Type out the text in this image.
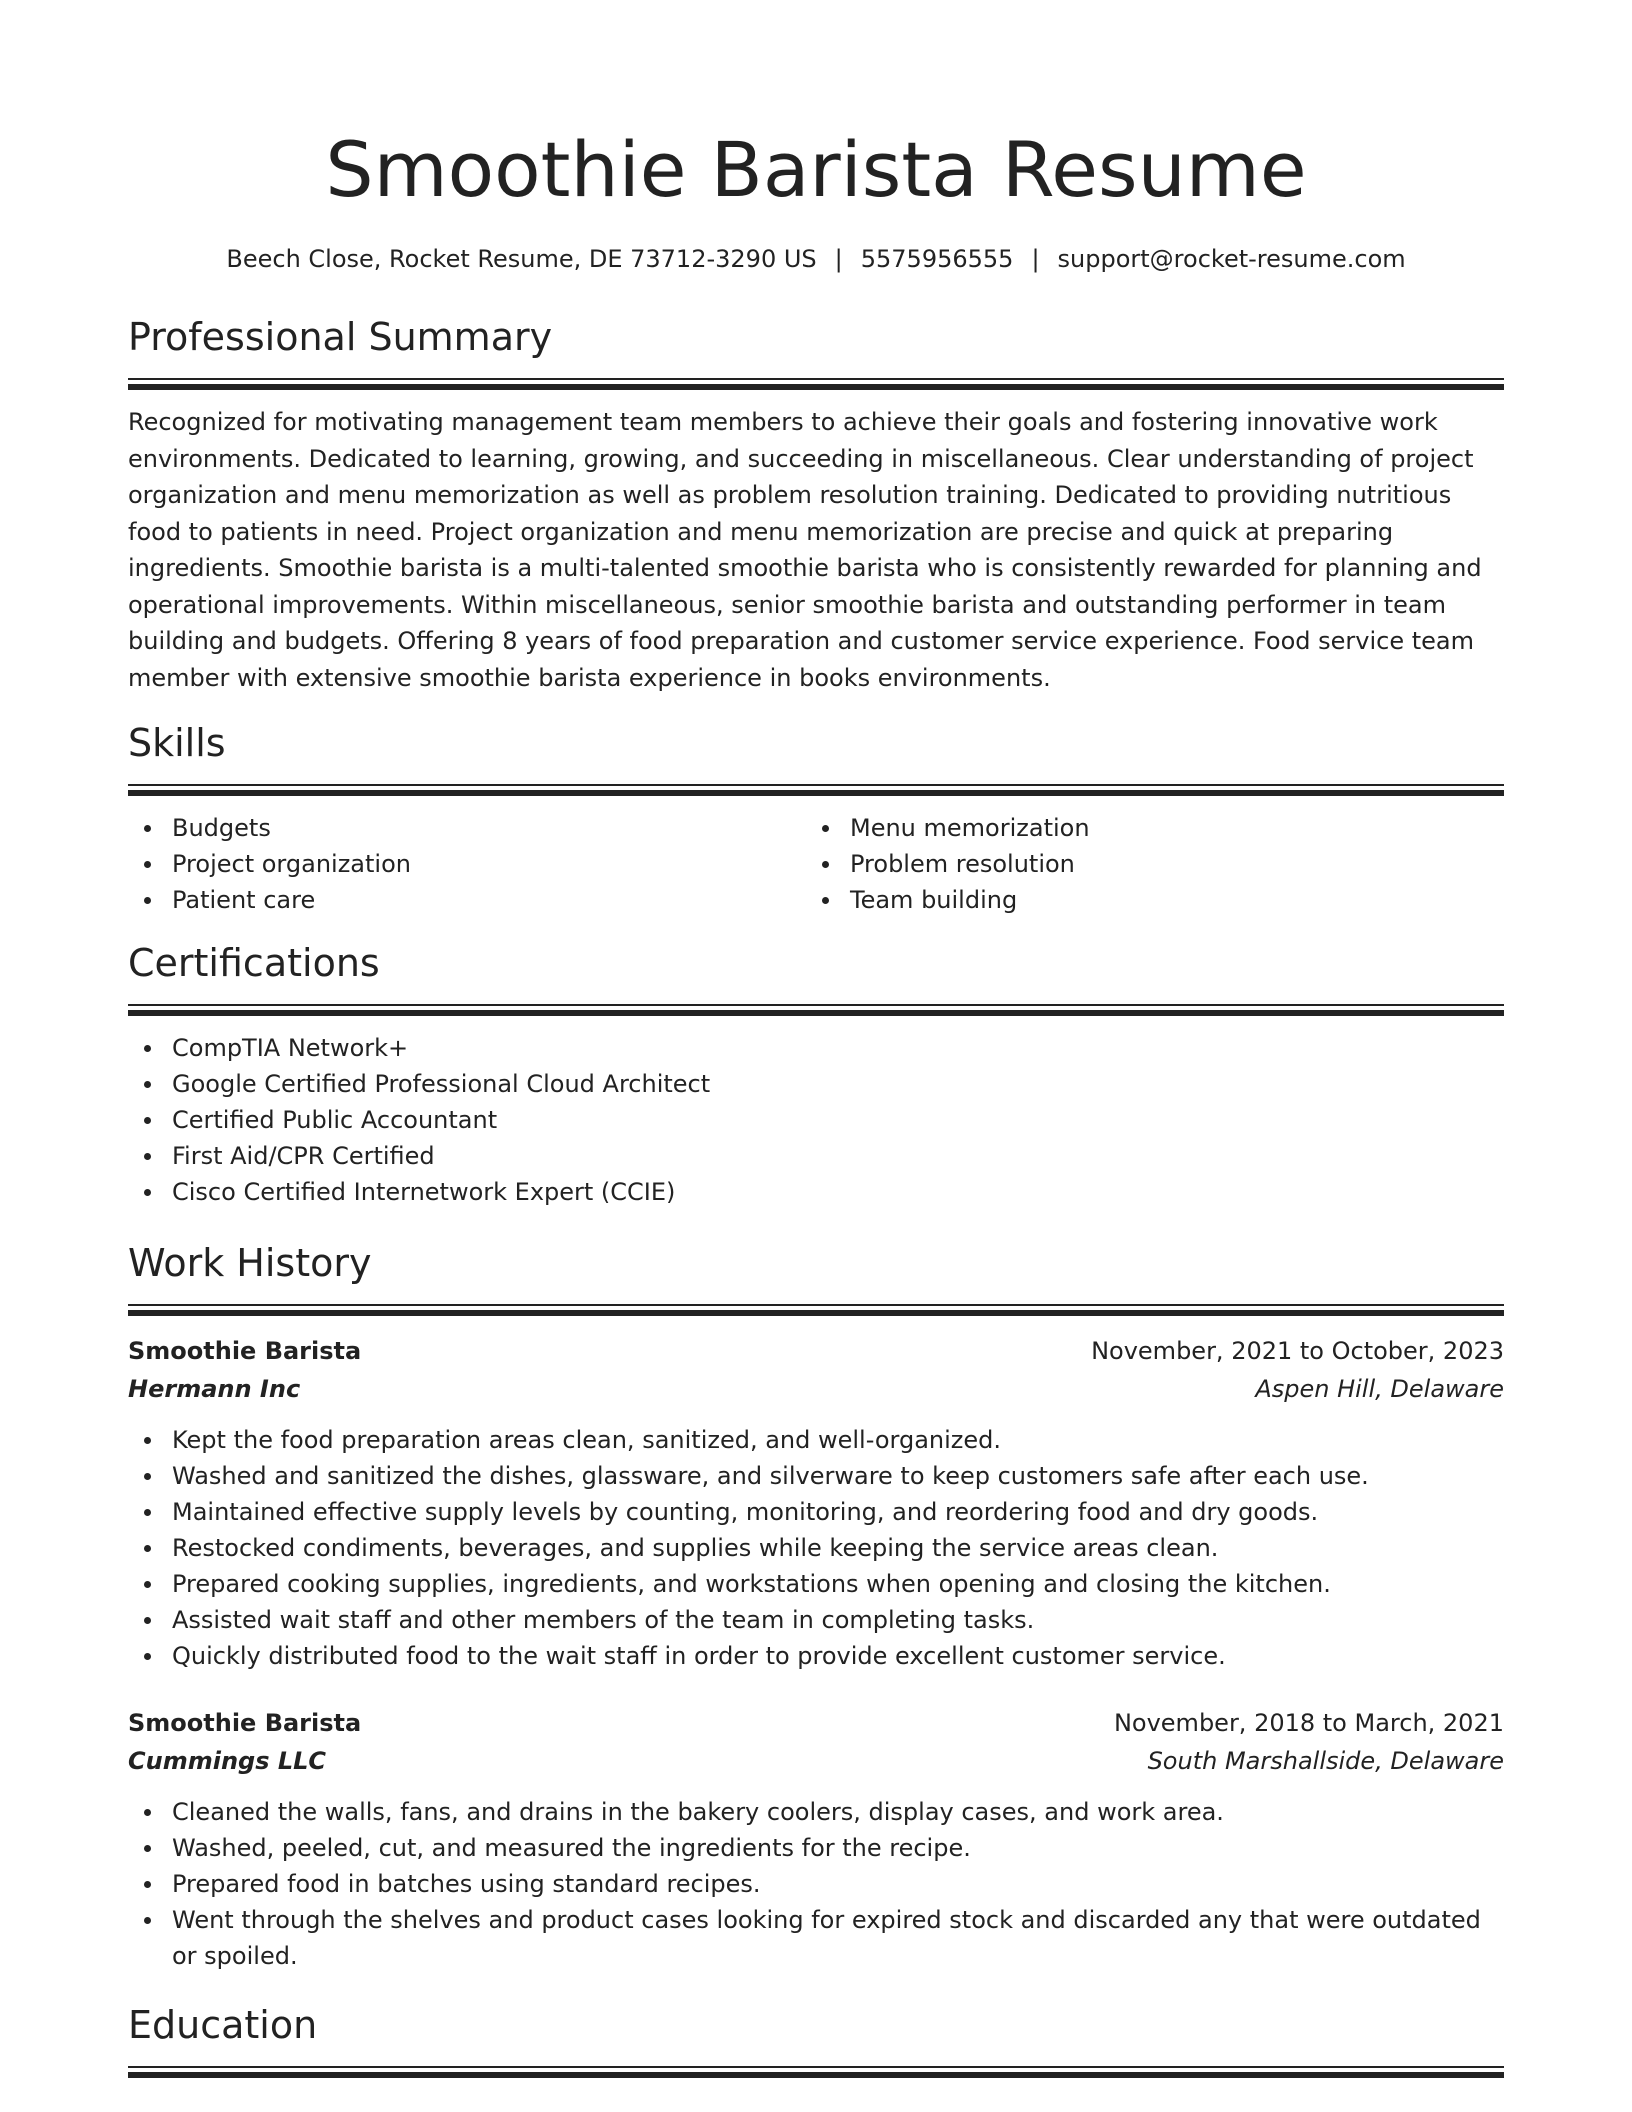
Smoothie Barista Resume
Beech Close, Rocket Resume, DE 73712-3290 US | 5575956555 | support@rocket-resume.com
Professional Summary

Recognized for motivating management team members to achieve their goals and fostering innovative work environments. Dedicated to learning, growing, and succeeding in miscellaneous. Clear understanding of project organization and menu memorization as well as problem resolution training. Dedicated to providing nutritious food to patients in need. Project organization and menu memorization are precise and quick at preparing ingredients. Smoothie barista is a multi-talented smoothie barista who is consistently rewarded for planning and operational improvements. Within miscellaneous, senior smoothie barista and outstanding performer in team building and budgets. Offering 8 years of food preparation and customer service experience. Food service team member with extensive smoothie barista experience in books environments.

Skills
Budgets
Project organization
Patient care
Menu memorization
Problem resolution
Team building
Certifications
CompTIA Network+
Google Certified Professional Cloud Architect
Certified Public Accountant
First Aid/CPR Certified
Cisco Certified Internetwork Expert (CCIE)
Work History
Smoothie Barista	November, 2021 to October, 2023
Hermann Inc	Aspen Hill, Delaware
Kept the food preparation areas clean, sanitized, and well-organized.
Washed and sanitized the dishes, glassware, and silverware to keep customers safe after each use.
Maintained effective supply levels by counting, monitoring, and reordering food and dry goods.
Restocked condiments, beverages, and supplies while keeping the service areas clean.
Prepared cooking supplies, ingredients, and workstations when opening and closing the kitchen.
Assisted wait staff and other members of the team in completing tasks.
Quickly distributed food to the wait staff in order to provide excellent customer service.
Smoothie Barista	November, 2018 to March, 2021
Cummings LLC	South Marshallside, Delaware
Cleaned the walls, fans, and drains in the bakery coolers, display cases, and work area.
Washed, peeled, cut, and measured the ingredients for the recipe.
Prepared food in batches using standard recipes.
Went through the shelves and product cases looking for expired stock and discarded any that were outdated or spoiled.
Education
